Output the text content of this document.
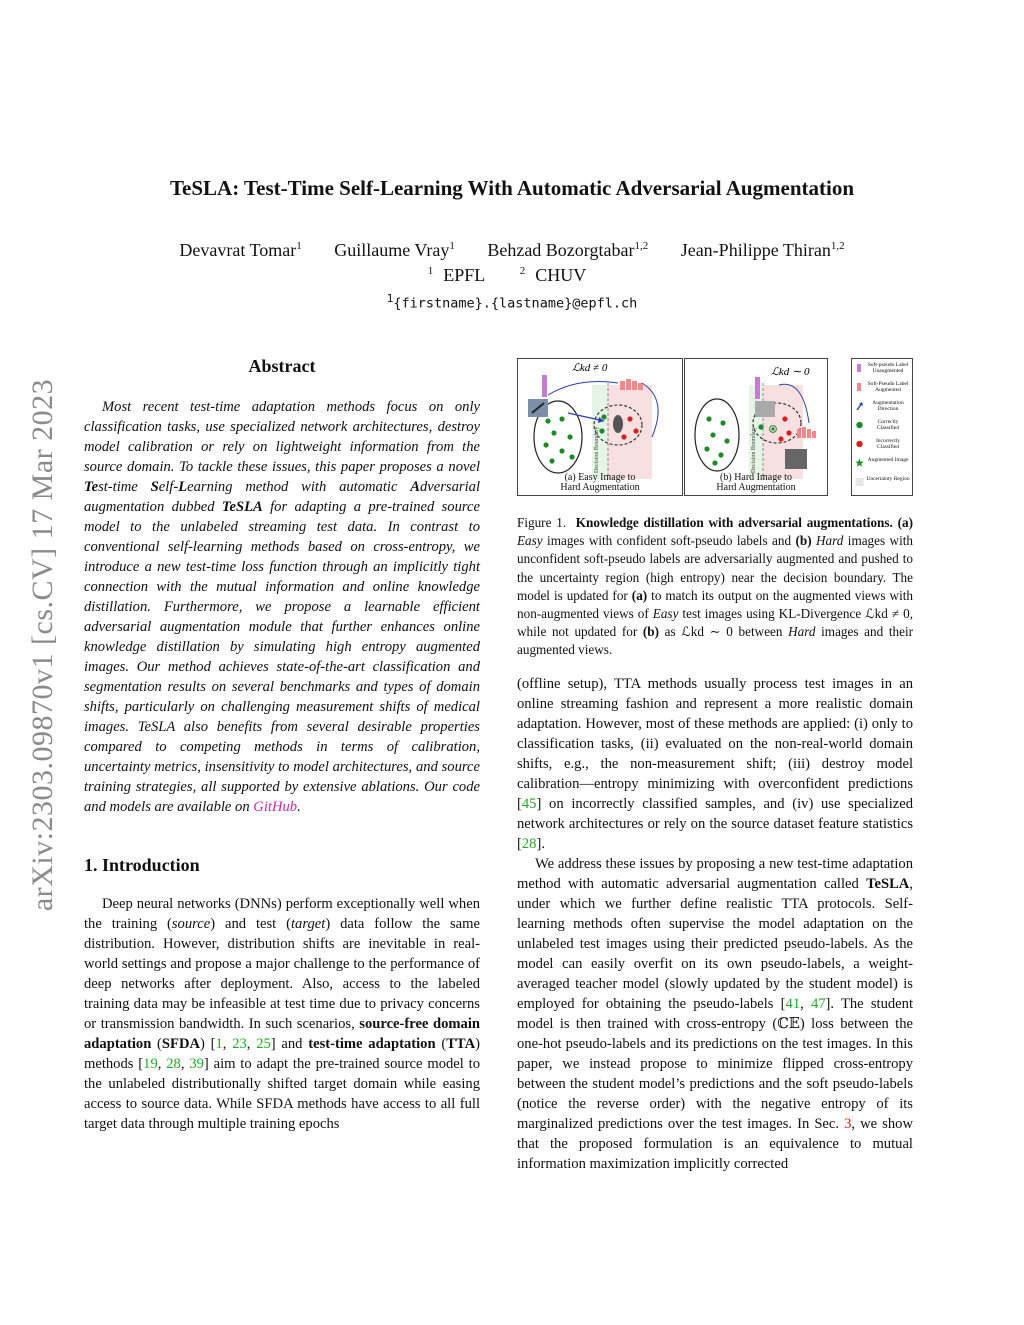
arXiv:2303.09870v1 [cs.CV] 17 Mar 2023
TeSLA: Test-Time Self-Learning With Automatic Adversarial Augmentation
Devavrat Tomar$^1$ Guillaume Vray$^1$ Behzad Bozorgtabar$^{1,2}$ Jean-Philippe Thiran$^{1,2}$
$^1$ EPFL	$^2$ CHUV
$^1${firstname}.{lastname}@epfl.ch
Abstract

Most recent test-time adaptation methods focus on only classification tasks, use specialized network architectures, destroy model calibration or rely on lightweight information from the source domain. To tackle these issues, this paper proposes a novel Test-time Self-Learning method with automatic Adversarial augmentation dubbed TeSLA for adapting a pre-trained source model to the unlabeled streaming test data. In contrast to conventional self-learning methods based on cross-entropy, we introduce a new test-time loss function through an implicitly tight connection with the mutual information and online knowledge distillation. Furthermore, we propose a learnable efficient adversarial augmentation module that further enhances online knowledge distillation by simulating high entropy augmented images. Our method achieves state-of-the-art classification and segmentation results on several benchmarks and types of domain shifts, particularly on challenging measurement shifts of medical images. TeSLA also benefits from several desirable properties compared to competing methods in terms of calibration, uncertainty metrics, insensitivity to model architectures, and source training strategies, all supported by extensive ablations. Our code and models are available on GitHub.

1. Introduction

Deep neural networks (DNNs) perform exceptionally well when the training (source) and test (target) data follow the same distribution. However, distribution shifts are inevitable in real-world settings and propose a major challenge to the performance of deep networks after deployment. Also, access to the labeled training data may be infeasible at test time due to privacy concerns or transmission bandwidth. In such scenarios, source-free domain adaptation (SFDA) [1, 23, 25] and test-time adaptation (TTA) methods [19, 28, 39] aim to adapt the pre-trained source model to the unlabeled distributionally shifted target domain while easing access to source data. While SFDA methods have access to all full target data through multiple training epochs

ℒkd ≠ 0
Decision Boundary
(a) Easy Image to
Hard Augmentation
ℒkd ∼ 0
Decision Boundary
(b) Hard Image to
Hard Augmentation
Soft-pseudo Label Unaugmented
Soft-Pseudo Label Augmented
Augmentation Direction
Correctly Classified
Incorrectly Classified
Augmented Image
Uncertainty Region

Figure 1. Knowledge distillation with adversarial augmentations. (a) Easy images with confident soft-pseudo labels and (b) Hard images with unconfident soft-pseudo labels are adversarially augmented and pushed to the uncertainty region (high entropy) near the decision boundary. The model is updated for (a) to match its output on the augmented views with non-augmented views of Easy test images using KL-Divergence ℒkd ≠ 0, while not updated for (b) as ℒkd ∼ 0 between Hard images and their augmented views.

(offline setup), TTA methods usually process test images in an online streaming fashion and represent a more realistic domain adaptation. However, most of these methods are applied: (i) only to classification tasks, (ii) evaluated on the non-real-world domain shifts, e.g., the non-measurement shift; (iii) destroy model calibration—entropy minimizing with overconfident predictions [45] on incorrectly classified samples, and (iv) use specialized network architectures or rely on the source dataset feature statistics [28].

We address these issues by proposing a new test-time adaptation method with automatic adversarial augmentation called TeSLA, under which we further define realistic TTA protocols. Self-learning methods often supervise the model adaptation on the unlabeled test images using their predicted pseudo-labels. As the model can easily overfit on its own pseudo-labels, a weight-averaged teacher model (slowly updated by the student model) is employed for obtaining the pseudo-labels [41, 47]. The student model is then trained with cross-entropy (ℂ𝔼) loss between the one-hot pseudo-labels and its predictions on the test images. In this paper, we instead propose to minimize flipped cross-entropy between the student model’s predictions and the soft pseudo-labels (notice the reverse order) with the negative entropy of its marginalized predictions over the test images. In Sec. 3, we show that the proposed formulation is an equivalence to mutual information maximization implicitly corrected
